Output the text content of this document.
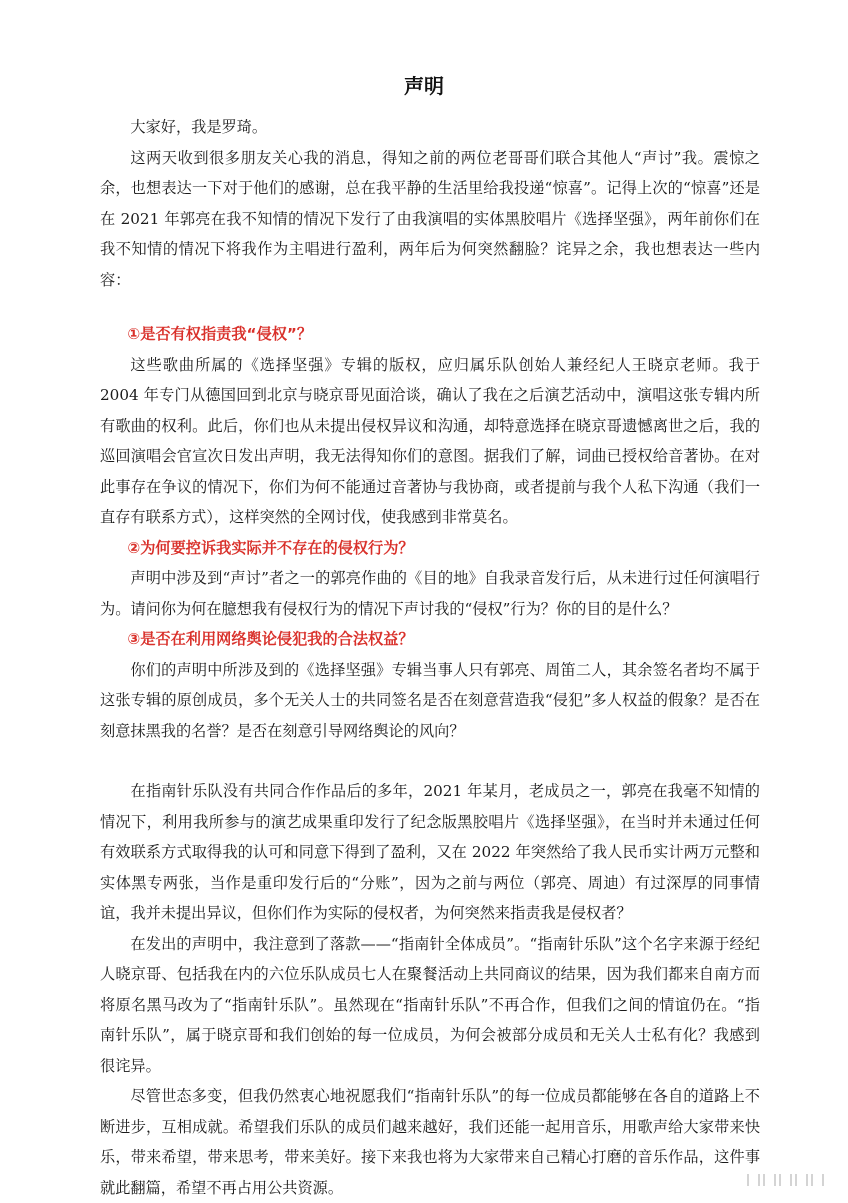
声明

大家好，我是罗琦。

这两天收到很多朋友关心我的消息，得知之前的两位老哥哥们联合其他人“声讨”我。震惊之余，也想表达一下对于他们的感谢，总在我平静的生活里给我投递“惊喜”。记得上次的“惊喜”还是在 2021 年郭亮在我不知情的情况下发行了由我演唱的实体黑胶唱片《选择坚强》，两年前你们在我不知情的情况下将我作为主唱进行盈利，两年后为何突然翻脸？诧异之余，我也想表达一些内容：

①是否有权指责我“侵权”？

这些歌曲所属的《选择坚强》专辑的版权，应归属乐队创始人兼经纪人王晓京老师。我于 2004 年专门从德国回到北京与晓京哥见面洽谈，确认了我在之后演艺活动中，演唱这张专辑内所有歌曲的权利。此后，你们也从未提出侵权异议和沟通，却特意选择在晓京哥遗憾离世之后，我的巡回演唱会官宣次日发出声明，我无法得知你们的意图。据我们了解，词曲已授权给音著协。在对此事存在争议的情况下，你们为何不能通过音著协与我协商，或者提前与我个人私下沟通（我们一直存有联系方式），这样突然的全网讨伐，使我感到非常莫名。

②为何要控诉我实际并不存在的侵权行为？

声明中涉及到“声讨”者之一的郭亮作曲的《目的地》自我录音发行后，从未进行过任何演唱行为。请问你为何在臆想我有侵权行为的情况下声讨我的“侵权”行为？你的目的是什么？

③是否在利用网络舆论侵犯我的合法权益？

你们的声明中所涉及到的《选择坚强》专辑当事人只有郭亮、周笛二人，其余签名者均不属于这张专辑的原创成员，多个无关人士的共同签名是否在刻意营造我“侵犯”多人权益的假象？是否在刻意抹黑我的名誉？是否在刻意引导网络舆论的风向？

在指南针乐队没有共同合作作品后的多年，2021 年某月，老成员之一，郭亮在我毫不知情的情况下，利用我所参与的演艺成果重印发行了纪念版黑胶唱片《选择坚强》，在当时并未通过任何有效联系方式取得我的认可和同意下得到了盈利，又在 2022 年突然给了我人民币实计两万元整和实体黑专两张，当作是重印发行后的“分账”，因为之前与两位（郭亮、周迪）有过深厚的同事情谊，我并未提出异议，但你们作为实际的侵权者，为何突然来指责我是侵权者？

在发出的声明中，我注意到了落款——“指南针全体成员”。“指南针乐队”这个名字来源于经纪人晓京哥、包括我在内的六位乐队成员七人在聚餐活动上共同商议的结果，因为我们都来自南方而将原名黑马改为了“指南针乐队”。虽然现在“指南针乐队”不再合作，但我们之间的情谊仍在。“指南针乐队”，属于晓京哥和我们创始的每一位成员，为何会被部分成员和无关人士私有化？我感到很诧异。

尽管世态多变，但我仍然衷心地祝愿我们“指南针乐队”的每一位成员都能够在各自的道路上不断进步，互相成就。希望我们乐队的成员们越来越好，我们还能一起用音乐，用歌声给大家带来快乐，带来希望，带来思考，带来美好。接下来我也将为大家带来自己精心打磨的音乐作品，这件事就此翻篇，希望不再占用公共资源。
